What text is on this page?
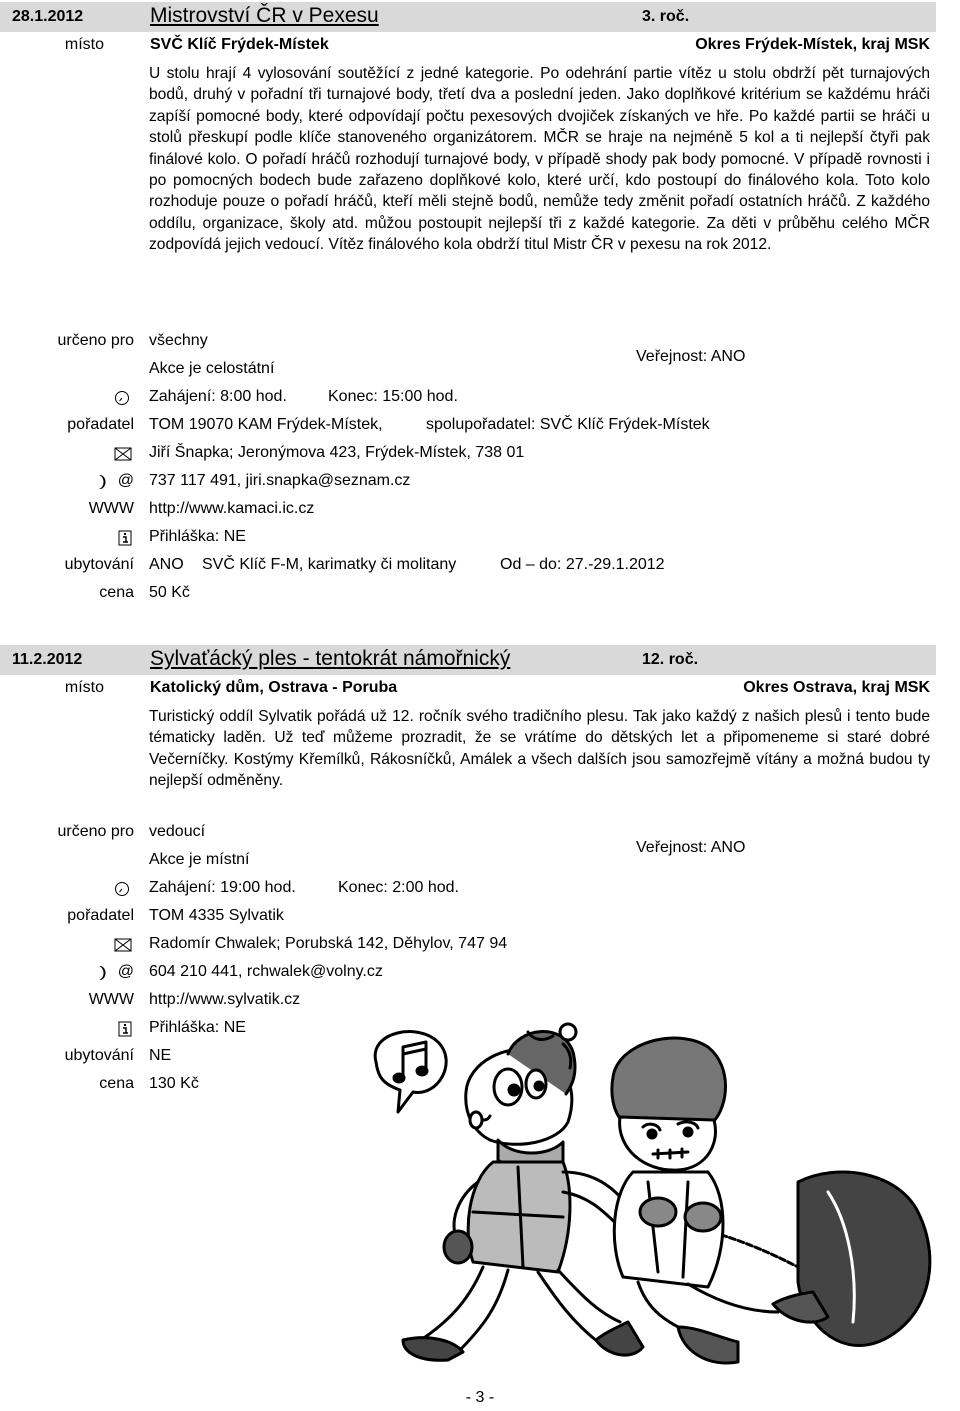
28.1.2012	Mistrovství ČR v Pexesu	3. roč.
místo	SVČ Klíč Frýdek-Místek	Okres Frýdek-Místek, kraj MSK

U stolu hrají 4 vylosování soutěžící z jedné kategorie. Po odehrání partie vítěz u stolu obdrží pět turnajových bodů, druhý v pořadní tři turnajové body, třetí dva a poslední jeden. Jako doplňkové kritérium se každému hráči zapíší pomocné body, které odpovídají počtu pexesových dvojiček získaných ve hře. Po každé partii se hráči u stolů přeskupí podle klíče stanoveného organizátorem. MČR se hraje na nejméně 5 kol a ti nejlepší čtyři pak finálové kolo. O pořadí hráčů rozhodují turnajové body, v případě shody pak body pomocné. V případě rovnosti i po pomocných bodech bude zařazeno doplňkové kolo, které určí, kdo postoupí do finálového kola. Toto kolo rozhoduje pouze o pořadí hráčů, kteří měli stejně bodů, nemůže tedy změnit pořadí ostatních hráčů. Z každého oddílu, organizace, školy atd. můžou postoupit nejlepší tři z každé kategorie. Za děti v průběhu celého MČR zodpovídá jejich vedoucí. Vítěz finálového kola obdrží titul Mistr ČR v pexesu na rok 2012.

Veřejnost: ANO
určeno pro všechny
Akce je celostátní
Zahájení: 8:00 hod.	Konec: 15:00 hod.
pořadatel TOM 19070 KAM Frýdek-Místek,	spolupořadatel: SVČ Klíč Frýdek-Místek
Jiří Šnapka; Jeronýmova 423, Frýdek-Místek, 738 01
@ 737 117 491, jiri.snapka@seznam.cz
WWW http://www.kamaci.ic.cz
Přihláška: NE
ubytování ANO SVČ Klíč F-M, karimatky či molitany	Od – do: 27.-29.1.2012
cena 50 Kč
11.2.2012	Sylvaťácký ples - tentokrát námořnický	12. roč.
místo	Katolický dům, Ostrava - Poruba	Okres Ostrava, kraj MSK

Turistický oddíl Sylvatik pořádá už 12. ročník svého tradičního plesu. Tak jako každý z našich plesů i tento bude tématicky laděn. Už teď můžeme prozradit, že se vrátíme do dětských let a připomeneme si staré dobré Večerníčky. Kostýmy Křemílků, Rákosníčků, Amálek a všech dalších jsou samozřejmě vítány a možná budou ty nejlepší odměněny.

Veřejnost: ANO
určeno pro vedoucí
Akce je místní
Zahájení: 19:00 hod.	Konec: 2:00 hod.
pořadatel TOM 4335 Sylvatik
Radomír Chwalek; Porubská 142, Děhylov, 747 94
@ 604 210 441, rchwalek@volny.cz
WWW http://www.sylvatik.cz
Přihláška: NE
ubytování NE
cena 130 Kč
- 3 -
